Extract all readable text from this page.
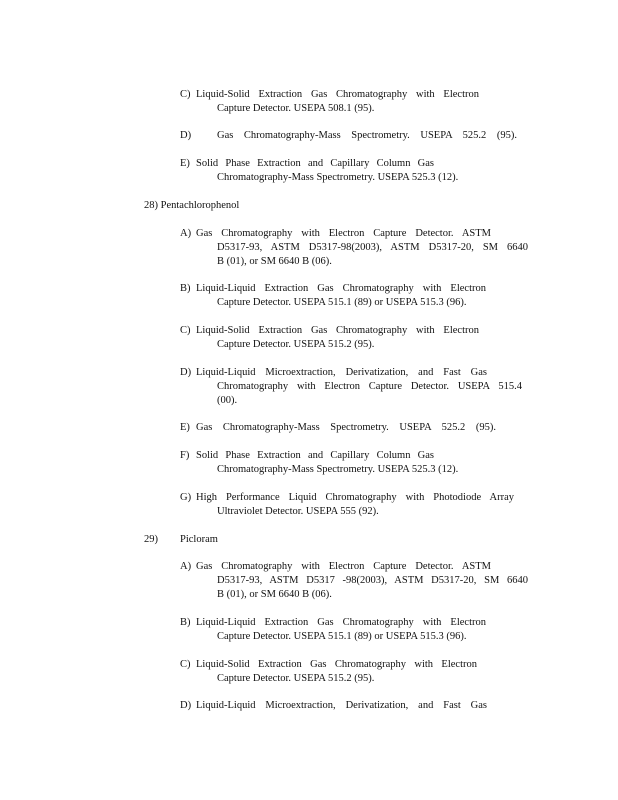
C) Liquid-Solid Extraction Gas Chromatography with Electron
Capture Detector. USEPA 508.1 (95).
D) Gas Chromatography-Mass Spectrometry. USEPA 525.2 (95).
E) Solid Phase Extraction and Capillary Column Gas
Chromatography-Mass Spectrometry. USEPA 525.3 (12).
28) Pentachlorophenol
A) Gas Chromatography with Electron Capture Detector. ASTM
D5317-93, ASTM D5317-98(2003), ASTM D5317-20, SM 6640
B (01), or SM 6640 B (06).
B) Liquid-Liquid Extraction Gas Chromatography with Electron
Capture Detector. USEPA 515.1 (89) or USEPA 515.3 (96).
C) Liquid-Solid Extraction Gas Chromatography with Electron
Capture Detector. USEPA 515.2 (95).
D) Liquid-Liquid Microextraction, Derivatization, and Fast Gas
Chromatography with Electron Capture Detector. USEPA 515.4
(00).
E) Gas Chromatography-Mass Spectrometry. USEPA 525.2 (95).
F) Solid Phase Extraction and Capillary Column Gas
Chromatography-Mass Spectrometry. USEPA 525.3 (12).
G) High Performance Liquid Chromatography with Photodiode Array
Ultraviolet Detector. USEPA 555 (92).
29) Picloram
A) Gas Chromatography with Electron Capture Detector. ASTM
D5317-93, ASTM D5317 -98(2003), ASTM D5317-20, SM 6640
B (01), or SM 6640 B (06).
B) Liquid-Liquid Extraction Gas Chromatography with Electron
Capture Detector. USEPA 515.1 (89) or USEPA 515.3 (96).
C) Liquid-Solid Extraction Gas Chromatography with Electron
Capture Detector. USEPA 515.2 (95).
D) Liquid-Liquid Microextraction, Derivatization, and Fast Gas
